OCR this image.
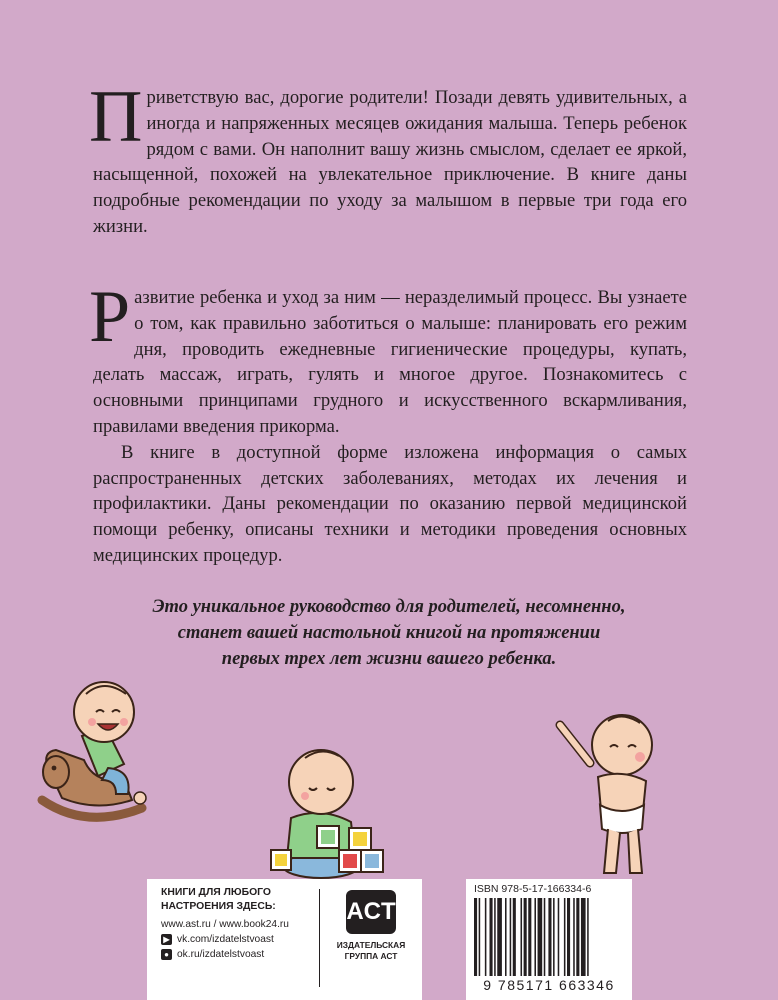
Приветствую вас, дорогие родители! Позади девять удивительных, а иногда и напряженных месяцев ожидания малыша. Теперь ребенок рядом с вами. Он наполнит вашу жизнь смыслом, сделает ее яркой, насыщенной, похожей на увлекательное приключение. В книге даны подробные рекомендации по уходу за малышом в первые три года его жизни.

Развитие ребенка и уход за ним — неразделимый процесс. Вы узнаете о том, как правильно заботиться о малыше: планировать его режим дня, проводить ежедневные гигиенические процедуры, купать, делать массаж, играть, гулять и многое другое. Познакомитесь с основными принципами грудного и искусственного вскармливания, правилами введения прикорма.

В книге в доступной форме изложена информация о самых распространенных детских заболеваниях, методах их лечения и профилактики. Даны рекомендации по оказанию первой медицинской помощи ребенку, описаны техники и методики проведения основных медицинских процедур.

Это уникальное руководство для родителей, несомненно,
станет вашей настольной книгой на протяжении
первых трех лет жизни вашего ребенка.
КНИГИ ДЛЯ ЛЮБОГО
НАСТРОЕНИЯ ЗДЕСЬ:
www.ast.ru / www.book24.ru
▶ vk.com/izdatelstvoast
● ok.ru/izdatelstvoast
ACT
ИЗДАТЕЛЬСКАЯ
ГРУППА АСТ
ISBN 978-5-17-166334-6
9 785171 663346
